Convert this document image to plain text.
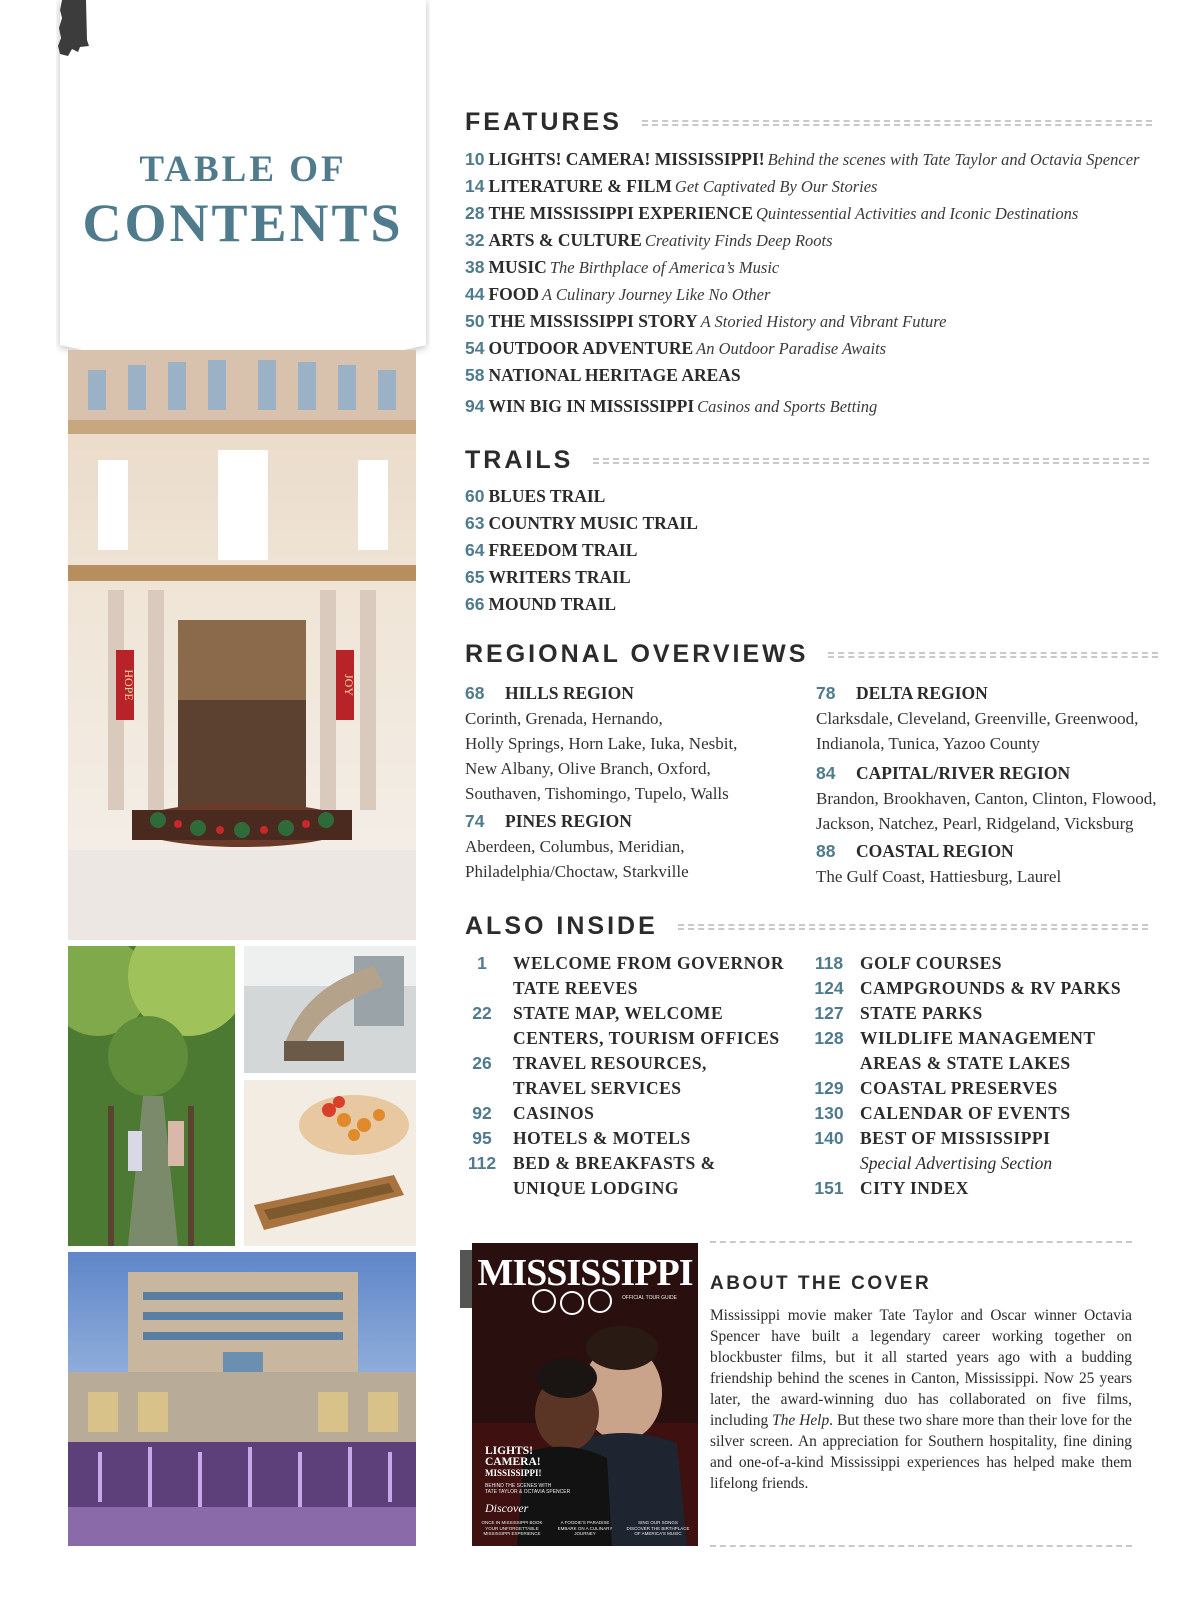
TABLE OF
CONTENTS
HOPE	JOY
FEATURES
10 LIGHTS! CAMERA! MISSISSIPPI! Behind the scenes with Tate Taylor and Octavia Spencer
14 LITERATURE & FILM Get Captivated By Our Stories
28 THE MISSISSIPPI EXPERIENCE Quintessential Activities and Iconic Destinations
32 ARTS & CULTURE Creativity Finds Deep Roots
38 MUSIC The Birthplace of America’s Music
44 FOOD A Culinary Journey Like No Other
50 THE MISSISSIPPI STORY A Storied History and Vibrant Future
54 OUTDOOR ADVENTURE An Outdoor Paradise Awaits
58 NATIONAL HERITAGE AREAS
94 WIN BIG IN MISSISSIPPI Casinos and Sports Betting
TRAILS
60 BLUES TRAIL
63 COUNTRY MUSIC TRAIL
64 FREEDOM TRAIL
65 WRITERS TRAIL
66 MOUND TRAIL
REGIONAL OVERVIEWS
68 HILLS REGION
Corinth, Grenada, Hernando,
Holly Springs, Horn Lake, Iuka, Nesbit,
New Albany, Olive Branch, Oxford,
Southaven, Tishomingo, Tupelo, Walls
74 PINES REGION
Aberdeen, Columbus, Meridian,
Philadelphia/Choctaw, Starkville
78 DELTA REGION
Clarksdale, Cleveland, Greenville, Greenwood,
Indianola, Tunica, Yazoo County
84 CAPITAL/RIVER REGION
Brandon, Brookhaven, Canton, Clinton, Flowood,
Jackson, Natchez, Pearl, Ridgeland, Vicksburg
88 COASTAL REGION
The Gulf Coast, Hattiesburg, Laurel
ALSO INSIDE
1	WELCOME FROM GOVERNOR
TATE REEVES
22	STATE MAP, WELCOME
CENTERS, TOURISM OFFICES
26	TRAVEL RESOURCES,
TRAVEL SERVICES
92	CASINOS
95	HOTELS & MOTELS
112 BED & BREAKFASTS &
UNIQUE LODGING
118 GOLF COURSES
124 CAMPGROUNDS & RV PARKS
127 STATE PARKS
128 WILDLIFE MANAGEMENT
AREAS & STATE LAKES
129 COASTAL PRESERVES
130 CALENDAR OF EVENTS
140 BEST OF MISSISSIPPI
Special Advertising Section
151 CITY INDEX
MISSISSIPPI
OFFICIAL TOUR GUIDE
LIGHTS!
CAMERA!
MISSISSIPPI!
BEHIND THE SCENES WITH
TATE TAYLOR & OCTAVIA SPENCER
Discover
ONCE IN MISSISSIPPI BOOK YOUR UNFORGETTABLE MISSISSIPPI EXPERIENCE
A FOODIE'S PARADISE EMBARK ON A CULINARY JOURNEY
SING OUR SONGS DISCOVER THE BIRTHPLACE OF AMERICA'S MUSIC
ABOUT THE COVER
Mississippi movie maker Tate Taylor and Oscar winner Octavia Spencer have built a legendary career working together on blockbuster films, but it all started years ago with a budding friendship behind the scenes in Canton, Mississippi. Now 25 years later, the award-winning duo has collaborated on five films, including The Help. But these two share more than their love for the silver screen. An appreciation for Southern hospitality, fine dining and one-of-a-kind Mississippi experiences has helped make them lifelong friends.
